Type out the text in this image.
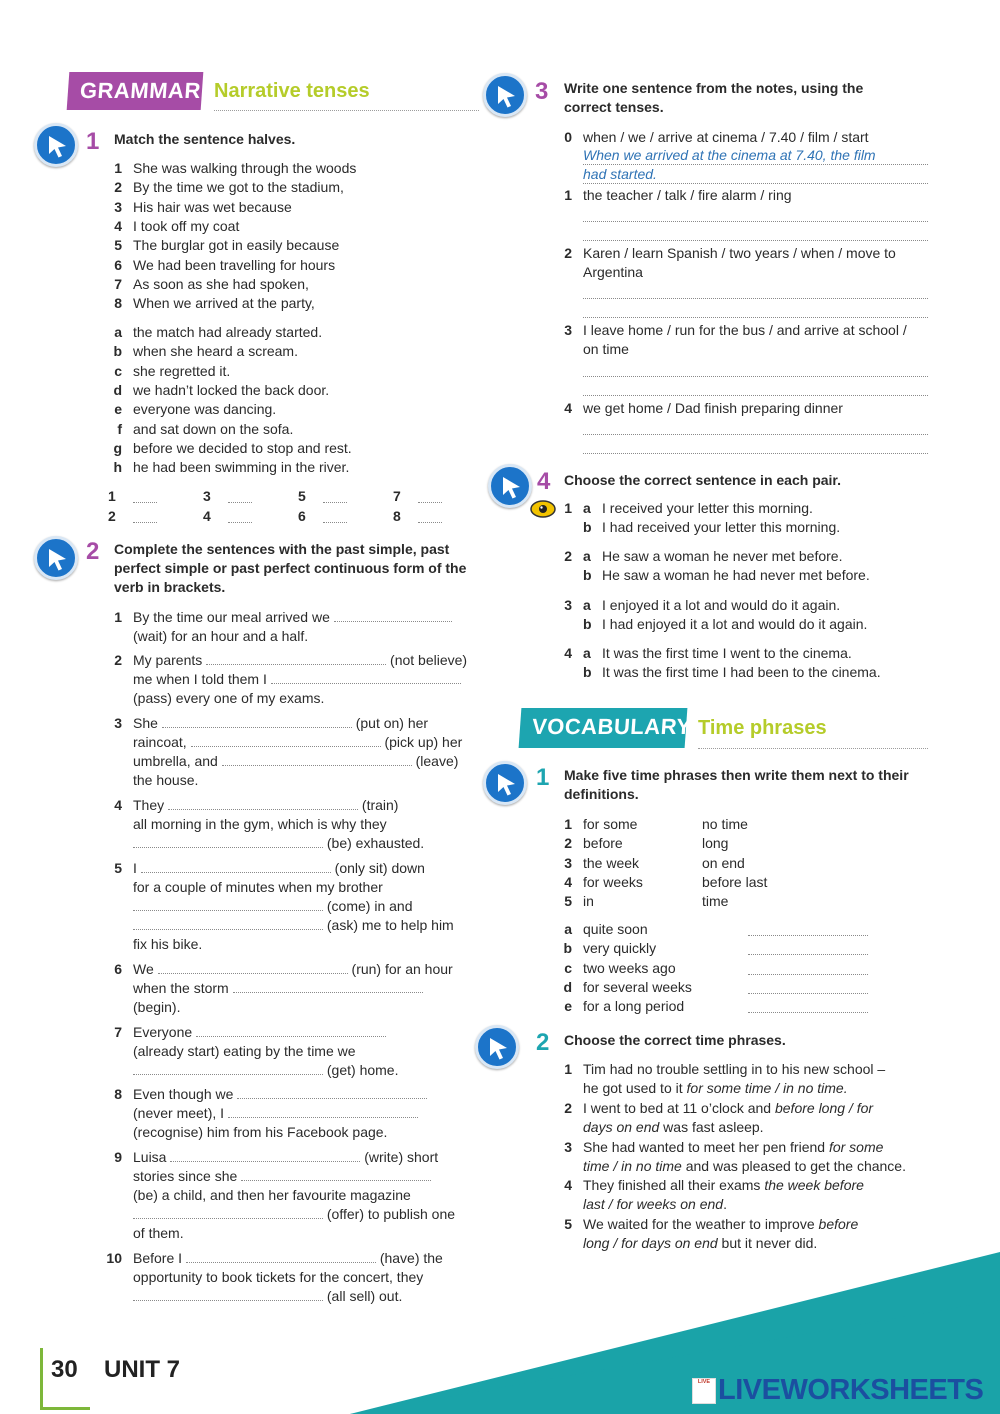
GRAMMAR Narrative tenses
1 Match the sentence halves.
1 She was walking through the woods
2 By the time we got to the stadium,
3 His hair was wet because
4 I took off my coat
5 The burglar got in easily because
6 We had been travelling for hours
7 As soon as she had spoken,
8 When we arrived at the party,
a the match had already started.
b when she heard a scream.
c she regretted it.
d we hadn’t locked the back door.
e everyone was dancing.
f and sat down on the sofa.
g before we decided to stop and rest.
h he had been swimming in the river.
1	3	5	7
2	4	6	8
2 Complete the sentences with the past simple, past
perfect simple or past perfect continuous form of the
verb in brackets.
1 By the time our meal arrived we
(wait) for an hour and a half.
2 My parents	(not believe)
me when I told them I
(pass) every one of my exams.
3 She	(put on) her
raincoat,	(pick up) her
umbrella, and	(leave)
the house.
4 They	(train)
all morning in the gym, which is why they
(be) exhausted.
5 I	(only sit) down
for a couple of minutes when my brother
(come) in and
(ask) me to help him
fix his bike.
6 We	(run) for an hour
when the storm
(begin).
7 Everyone
(already start) eating by the time we
(get) home.
8 Even though we
(never meet), I
(recognise) him from his Facebook page.
9 Luisa	(write) short
stories since she
(be) a child, and then her favourite magazine
(offer) to publish one
of them.
10 Before I	(have) the
opportunity to book tickets for the concert, they
(all sell) out.
3 Write one sentence from the notes, using the
correct tenses.
0 when / we / arrive at cinema / 7.40 / film / start
When we arrived at the cinema at 7.40, the film
had started.
1 the teacher / talk / fire alarm / ring
2 Karen / learn Spanish / two years / when / move to
Argentina
3 I leave home / run for the bus / and arrive at school /
on time
4 we get home / Dad finish preparing dinner
4 Choose the correct sentence in each pair.
1 a I received your letter this morning.
b I had received your letter this morning.
2 a He saw a woman he never met before.
b He saw a woman he had never met before.
3 a I enjoyed it a lot and would do it again.
b I had enjoyed it a lot and would do it again.
4 a It was the first time I went to the cinema.
b It was the first time I had been to the cinema.
VOCABULARY Time phrases
1 Make five time phrases then write them next to their
definitions.
1 for some	no time
2 before	long
3 the week	on end
4 for weeks	before last
5 in	time
a quite soon
b very quickly
c two weeks ago
d for several weeks
e for a long period
2 Choose the correct time phrases.
1 Tim had no trouble settling in to his new school –
he got used to it for some time / in no time.
2 I went to bed at 11 o’clock and before long / for
days on end was fast asleep.
3 She had wanted to meet her pen friend for some
time / in no time and was pleased to get the chance.
4 They finished all their exams the week before
last / for weeks on end.
5 We waited for the weather to improve before
long / for days on end but it never did.
30 UNIT 7	LIVE LIVEWORKSHEETS
